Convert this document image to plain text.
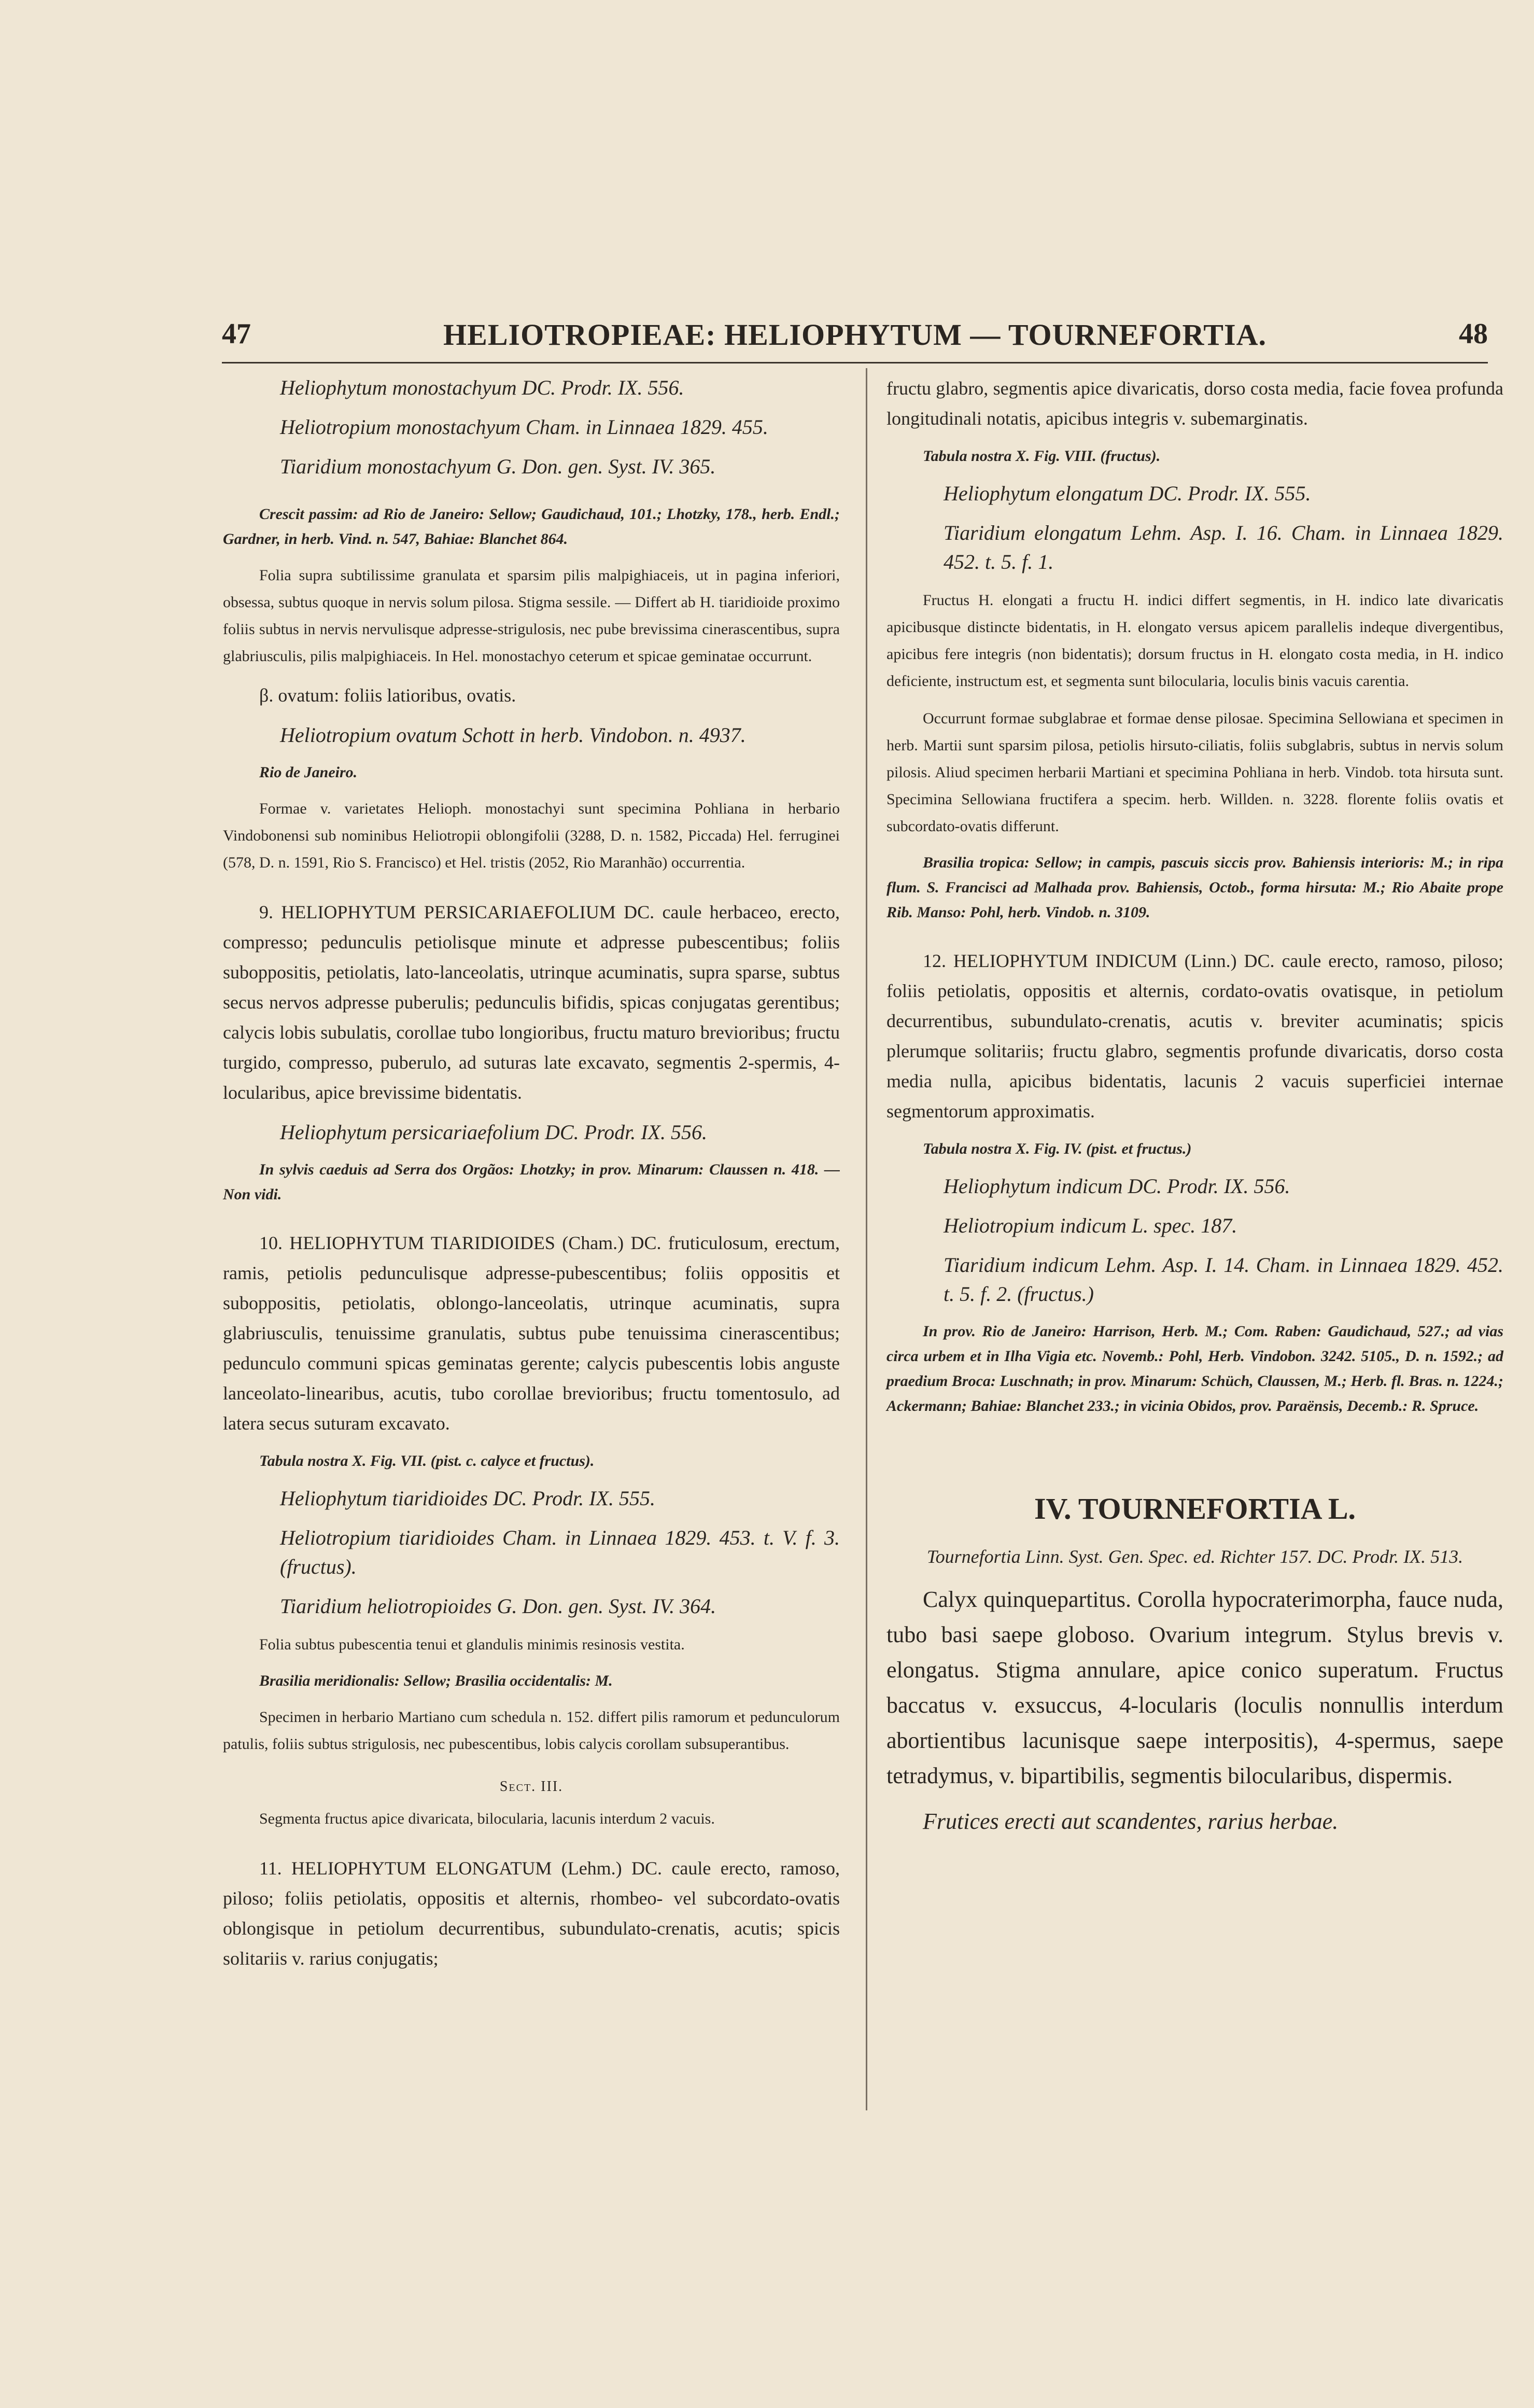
47	HELIOTROPIEAE: HELIOPHYTUM — TOURNEFORTIA.	48

Heliophytum monostachyum DC. Prodr. IX. 556.

Heliotropium monostachyum Cham. in Linnaea 1829. 455.

Tiaridium monostachyum G. Don. gen. Syst. IV. 365.

Crescit passim: ad Rio de Janeiro: Sellow; Gaudichaud, 101.; Lhotzky, 178., herb. Endl.; Gardner, in herb. Vind. n. 547, Bahiae: Blanchet 864.

Folia supra subtilissime granulata et sparsim pilis malpighiaceis, ut in pagina inferiori, obsessa, subtus quoque in nervis solum pilosa. Stigma sessile. — Differt ab H. tiaridioide proximo foliis subtus in nervis nervulisque adpresse-strigulosis, nec pube brevissima cinerascentibus, supra glabriusculis, pilis malpighiaceis. In Hel. monostachyo ceterum et spicae geminatae occurrunt.

β. ovatum: foliis latioribus, ovatis.

Heliotropium ovatum Schott in herb. Vindobon. n. 4937.

Rio de Janeiro.

Formae v. varietates Helioph. monostachyi sunt specimina Pohliana in herbario Vindobonensi sub nominibus Heliotropii oblongifolii (3288, D. n. 1582, Piccada) Hel. ferruginei (578, D. n. 1591, Rio S. Francisco) et Hel. tristis (2052, Rio Maranhão) occurrentia.

9. HELIOPHYTUM PERSICARIAEFOLIUM DC. caule herbaceo, erecto, compresso; pedunculis petiolisque minute et adpresse pubescentibus; foliis suboppositis, petiolatis, lato-lanceolatis, utrinque acuminatis, supra sparse, subtus secus nervos adpresse puberulis; pedunculis bifidis, spicas conjugatas gerentibus; calycis lobis subulatis, corollae tubo longioribus, fructu maturo brevioribus; fructu turgido, compresso, puberulo, ad suturas late excavato, segmentis 2-spermis, 4-locularibus, apice brevissime bidentatis.

Heliophytum persicariaefolium DC. Prodr. IX. 556.

In sylvis caeduis ad Serra dos Orgãos: Lhotzky; in prov. Minarum: Claussen n. 418. — Non vidi.

10. HELIOPHYTUM TIARIDIOIDES (Cham.) DC. fruticulosum, erectum, ramis, petiolis pedunculisque adpresse-pubescentibus; foliis oppositis et suboppositis, petiolatis, oblongo-lanceolatis, utrinque acuminatis, supra glabriusculis, tenuissime granulatis, subtus pube tenuissima cinerascentibus; pedunculo communi spicas geminatas gerente; calycis pubescentis lobis anguste lanceolato-linearibus, acutis, tubo corollae brevioribus; fructu tomentosulo, ad latera secus suturam excavato.

Tabula nostra X. Fig. VII. (pist. c. calyce et fructus).

Heliophytum tiaridioides DC. Prodr. IX. 555.

Heliotropium tiaridioides Cham. in Linnaea 1829. 453. t. V. f. 3. (fructus).

Tiaridium heliotropioides G. Don. gen. Syst. IV. 364.

Folia subtus pubescentia tenui et glandulis minimis resinosis vestita.

Brasilia meridionalis: Sellow; Brasilia occidentalis: M.

Specimen in herbario Martiano cum schedula n. 152. differt pilis ramorum et pedunculorum patulis, foliis subtus strigulosis, nec pubescentibus, lobis calycis corollam subsuperantibus.

Sect. III.

Segmenta fructus apice divaricata, bilocularia, lacunis interdum 2 vacuis.

11. HELIOPHYTUM ELONGATUM (Lehm.) DC. caule erecto, ramoso, piloso; foliis petiolatis, oppositis et alternis, rhombeo- vel subcordato-ovatis oblongisque in petiolum decurrentibus, subundulato-crenatis, acutis; spicis solitariis v. rarius conjugatis;

fructu glabro, segmentis apice divaricatis, dorso costa media, facie fovea profunda longitudinali notatis, apicibus integris v. subemarginatis.

Tabula nostra X. Fig. VIII. (fructus).

Heliophytum elongatum DC. Prodr. IX. 555.

Tiaridium elongatum Lehm. Asp. I. 16. Cham. in Linnaea 1829. 452. t. 5. f. 1.

Fructus H. elongati a fructu H. indici differt segmentis, in H. indico late divaricatis apicibusque distincte bidentatis, in H. elongato versus apicem parallelis indeque divergentibus, apicibus fere integris (non bidentatis); dorsum fructus in H. elongato costa media, in H. indico deficiente, instructum est, et segmenta sunt bilocularia, loculis binis vacuis carentia.

Occurrunt formae subglabrae et formae dense pilosae. Specimina Sellowiana et specimen in herb. Martii sunt sparsim pilosa, petiolis hirsuto-ciliatis, foliis subglabris, subtus in nervis solum pilosis. Aliud specimen herbarii Martiani et specimina Pohliana in herb. Vindob. tota hirsuta sunt. Specimina Sellowiana fructifera a specim. herb. Willden. n. 3228. florente foliis ovatis et subcordato-ovatis differunt.

Brasilia tropica: Sellow; in campis, pascuis siccis prov. Bahiensis interioris: M.; in ripa flum. S. Francisci ad Malhada prov. Bahiensis, Octob., forma hirsuta: M.; Rio Abaite prope Rib. Manso: Pohl, herb. Vindob. n. 3109.

12. HELIOPHYTUM INDICUM (Linn.) DC. caule erecto, ramoso, piloso; foliis petiolatis, oppositis et alternis, cordato-ovatis ovatisque, in petiolum decurrentibus, subundulato-crenatis, acutis v. breviter acuminatis; spicis plerumque solitariis; fructu glabro, segmentis profunde divaricatis, dorso costa media nulla, apicibus bidentatis, lacunis 2 vacuis superficiei internae segmentorum approximatis.

Tabula nostra X. Fig. IV. (pist. et fructus.)

Heliophytum indicum DC. Prodr. IX. 556.

Heliotropium indicum L. spec. 187.

Tiaridium indicum Lehm. Asp. I. 14. Cham. in Linnaea 1829. 452. t. 5. f. 2. (fructus.)

In prov. Rio de Janeiro: Harrison, Herb. M.; Com. Raben: Gaudichaud, 527.; ad vias circa urbem et in Ilha Vigia etc. Novemb.: Pohl, Herb. Vindobon. 3242. 5105., D. n. 1592.; ad praedium Broca: Luschnath; in prov. Minarum: Schüch, Claussen, M.; Herb. fl. Bras. n. 1224.; Ackermann; Bahiae: Blanchet 233.; in vicinia Obidos, prov. Paraënsis, Decemb.: R. Spruce.

IV. TOURNEFORTIA L.

Tournefortia Linn. Syst. Gen. Spec. ed. Richter 157. DC. Prodr. IX. 513.

Calyx quinquepartitus. Corolla hypocraterimorpha, fauce nuda, tubo basi saepe globoso. Ovarium integrum. Stylus brevis v. elongatus. Stigma annulare, apice conico superatum. Fructus baccatus v. exsuccus, 4-locularis (loculis nonnullis interdum abortientibus lacunisque saepe interpositis), 4-spermus, saepe tetradymus, v. bipartibilis, segmentis bilocularibus, dispermis.

Frutices erecti aut scandentes, rarius herbae.
